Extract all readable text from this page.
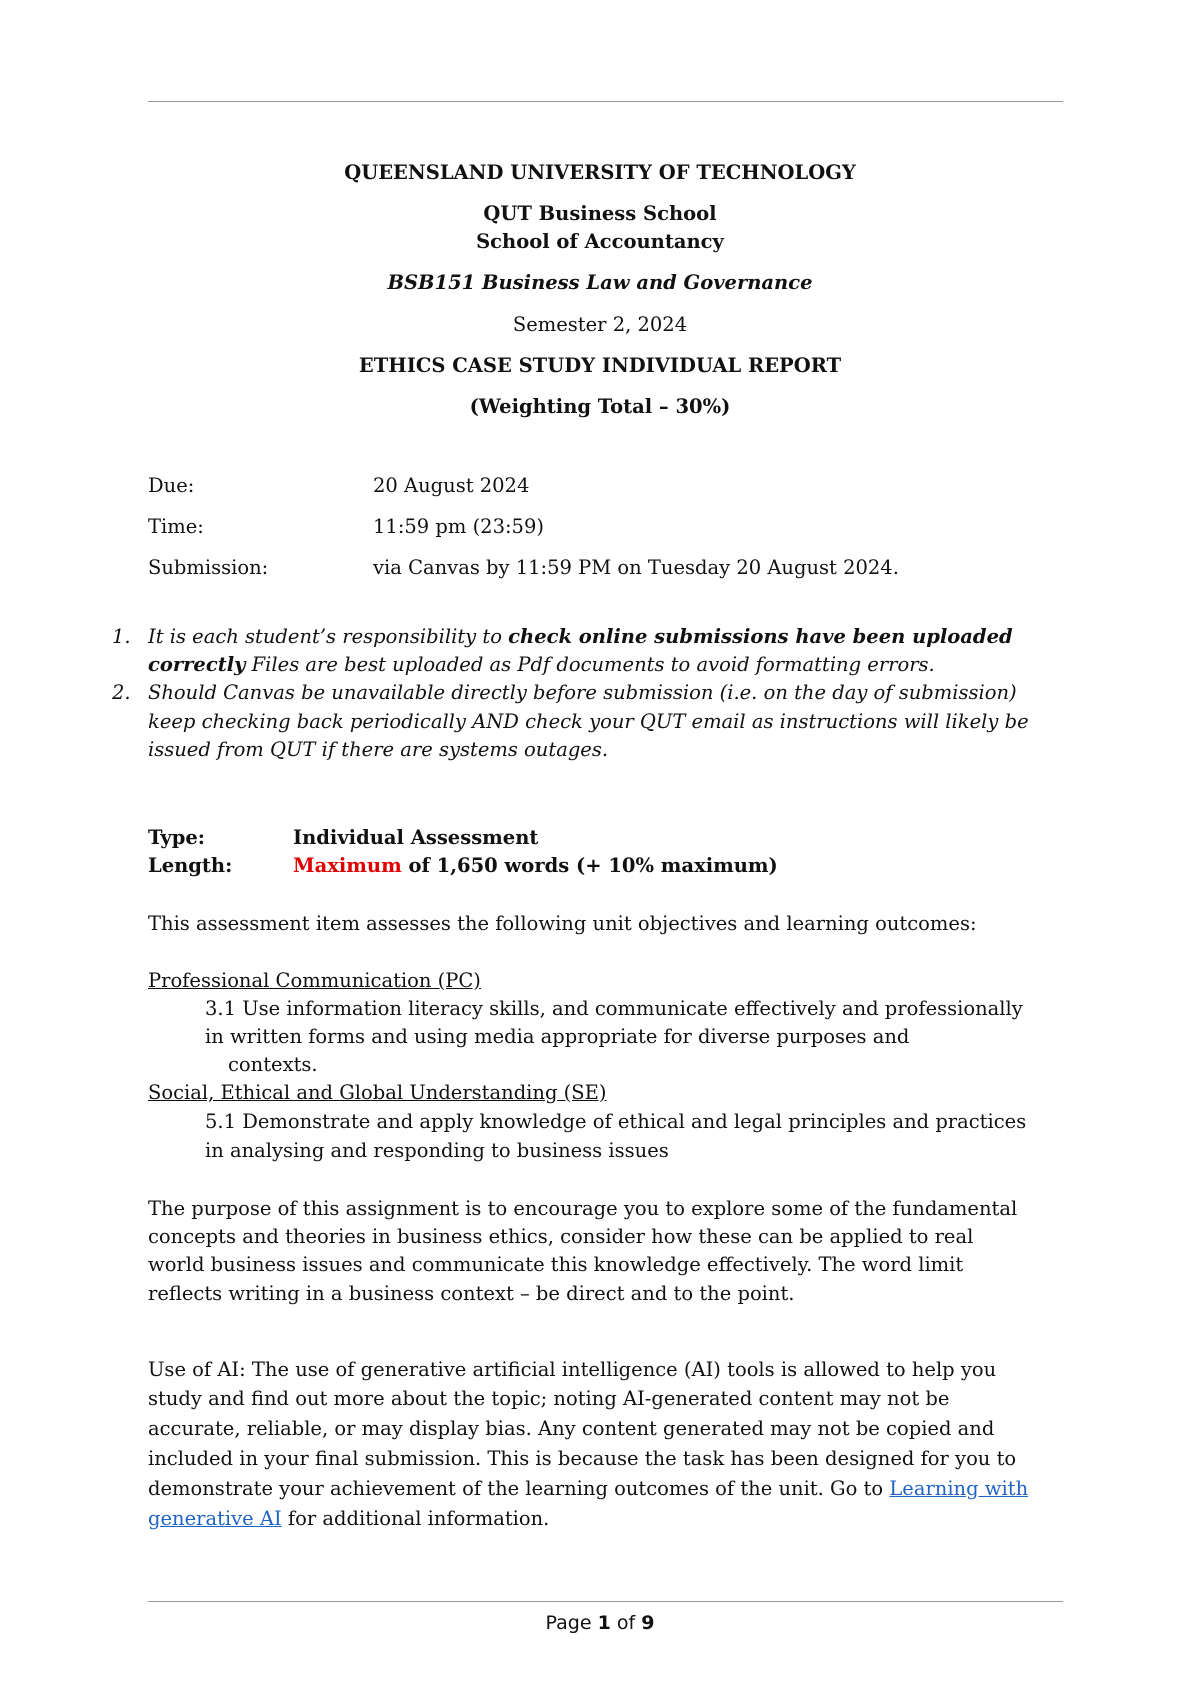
QUEENSLAND UNIVERSITY OF TECHNOLOGY
QUT Business School
School of Accountancy
BSB151 Business Law and Governance
Semester 2, 2024
ETHICS CASE STUDY INDIVIDUAL REPORT
(Weighting Total – 30%)
Due:	20 August 2024
Time:	11:59 pm (23:59)
Submission:	via Canvas by 11:59 PM on Tuesday 20 August 2024.
1. It is each student’s responsibility to check online submissions have been uploaded
correctly Files are best uploaded as Pdf documents to avoid formatting errors.
2. Should Canvas be unavailable directly before submission (i.e. on the day of submission)
keep checking back periodically AND check your QUT email as instructions will likely be
issued from QUT if there are systems outages.
Type:	Individual Assessment
Length:	Maximum of 1,650 words (+ 10% maximum)
This assessment item assesses the following unit objectives and learning outcomes:
Professional Communication (PC)
3.1 Use information literacy skills, and communicate effectively and professionally
in written forms and using media appropriate for diverse purposes and
contexts.
Social, Ethical and Global Understanding (SE)
5.1 Demonstrate and apply knowledge of ethical and legal principles and practices
in analysing and responding to business issues
The purpose of this assignment is to encourage you to explore some of the fundamental
concepts and theories in business ethics, consider how these can be applied to real
world business issues and communicate this knowledge effectively. The word limit
reflects writing in a business context – be direct and to the point.
Use of AI: The use of generative artificial intelligence (AI) tools is allowed to help you
study and find out more about the topic; noting AI-generated content may not be
accurate, reliable, or may display bias. Any content generated may not be copied and
included in your final submission. This is because the task has been designed for you to
demonstrate your achievement of the learning outcomes of the unit. Go to Learning with
generative AI for additional information.
Page 1 of 9
